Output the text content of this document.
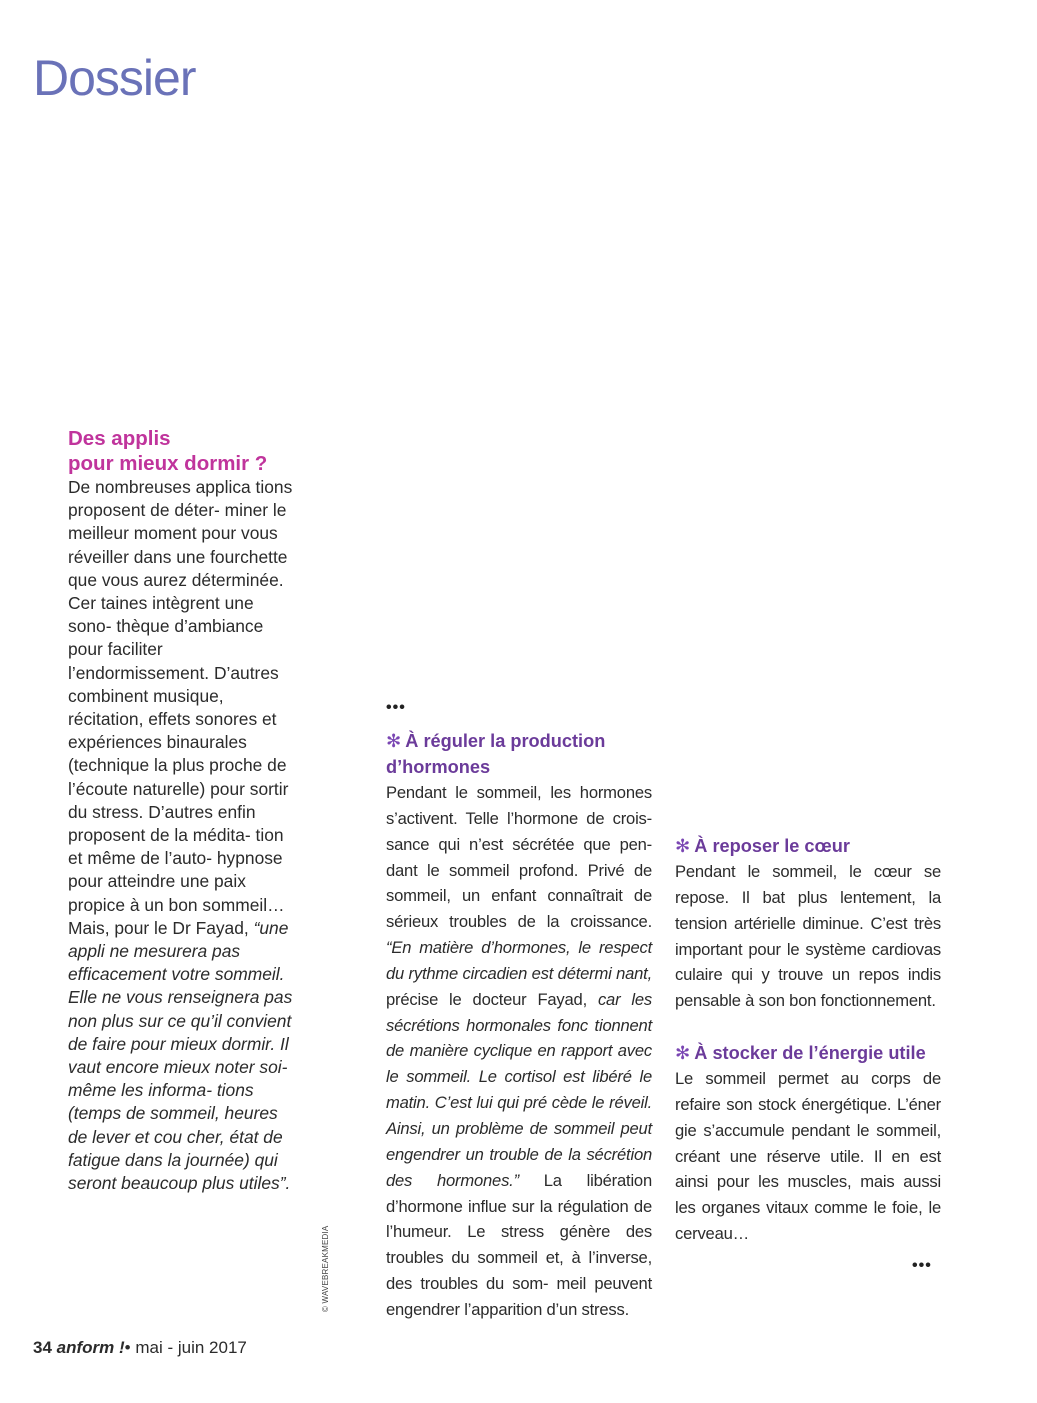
Dossier
Des applis
pour mieux dormir ?

De nombreuses applica tions proposent de déter- miner le meilleur moment pour vous réveiller dans une fourchette que vous aurez déterminée. Cer taines intègrent une sono- thèque d’ambiance pour faciliter l’endormissement. D’autres combinent musique, récitation, effets sonores et expériences binaurales (technique la plus proche de l’écoute naturelle) pour sortir du stress. D’autres enfin proposent de la médita- tion et même de l’auto- hypnose pour atteindre une paix propice à un bon sommeil… Mais, pour le Dr Fayad, “une appli ne mesurera pas efficacement votre sommeil. Elle ne vous renseignera pas non plus sur ce qu’il convient de faire pour mieux dormir. Il vaut encore mieux noter soi-même les informa- tions (temps de sommeil, heures de lever et cou cher, état de fatigue dans la journée) qui seront beaucoup plus utiles”.

© WAVEBREAKMEDIA
•••
✻ À réguler la production d’hormones

Pendant le sommeil, les hormones s’activent. Telle l’hormone de crois- sance qui n’est sécrétée que pen- dant le sommeil profond. Privé de sommeil, un enfant connaîtrait de sérieux troubles de la croissance. “En matière d’hormones, le respect du rythme circadien est détermi nant, précise le docteur Fayad, car les sécrétions hormonales fonc tionnent de manière cyclique en rapport avec le sommeil. Le cortisol est libéré le matin. C’est lui qui pré cède le réveil. Ainsi, un problème de sommeil peut engendrer un trouble de la sécrétion des hormones.” La libération d’hormone influe sur la régulation de l’humeur. Le stress génère des troubles du sommeil et, à l’inverse, des troubles du som- meil peuvent engendrer l’apparition d’un stress.

✻ À reposer le cœur

Pendant le sommeil, le cœur se repose. Il bat plus lentement, la tension artérielle diminue. C’est très important pour le système cardiovas culaire qui y trouve un repos indis pensable à son bon fonctionnement.

✻ À stocker de l’énergie utile

Le sommeil permet au corps de refaire son stock énergétique. L’éner gie s’accumule pendant le sommeil, créant une réserve utile. Il en est ainsi pour les muscles, mais aussi les organes vitaux comme le foie, le cerveau…

•••
34 anform !• mai - juin 2017
